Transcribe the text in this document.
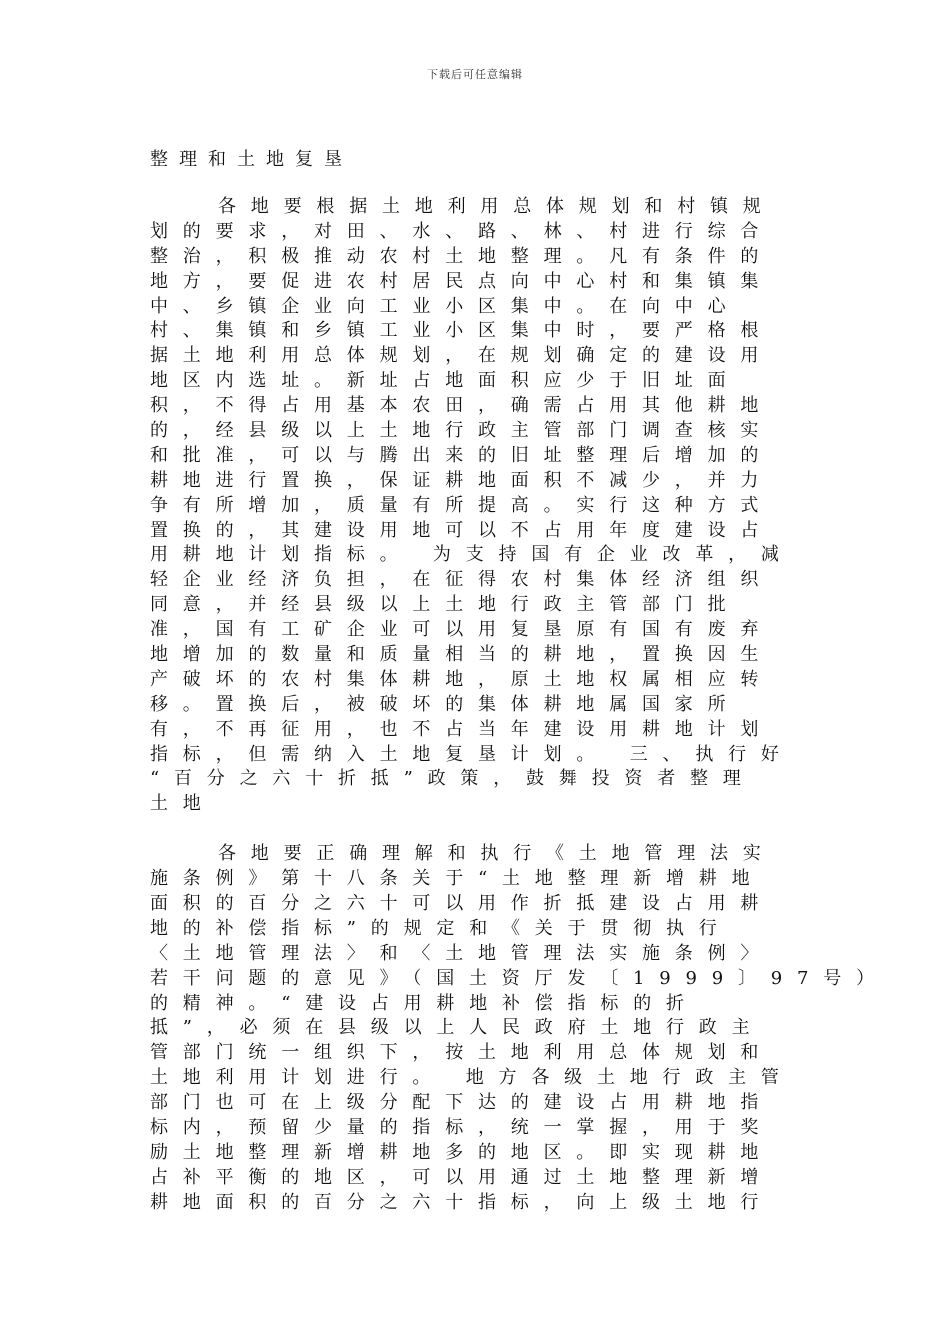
下载后可任意编辑
整理和土地复垦
各地要根据土地利用总体规划和村镇规
划的要求，对田、水、路、林、村进行综合
整治，积极推动农村土地整理。凡有条件的
地方，要促进农村居民点向中心村和集镇集
中、乡镇企业向工业小区集中。在向中心
村、集镇和乡镇工业小区集中时，要严格根
据土地利用总体规划，在规划确定的建设用
地区内选址。新址占地面积应少于旧址面
积，不得占用基本农田，确需占用其他耕地
的，经县级以上土地行政主管部门调查核实
和批准，可以与腾出来的旧址整理后增加的
耕地进行置换，保证耕地面积不减少，并力
争有所增加，质量有所提高。实行这种方式
置换的，其建设用地可以不占用年度建设占
用耕地计划指标。 为支持国有企业改革，减
轻企业经济负担，在征得农村集体经济组织
同意，并经县级以上土地行政主管部门批
准，国有工矿企业可以用复垦原有国有废弃
地增加的数量和质量相当的耕地，置换因生
产破坏的农村集体耕地，原土地权属相应转
移。置换后，被破坏的集体耕地属国家所
有，不再征用，也不占当年建设用耕地计划
指标，但需纳入土地复垦计划。 三、执行好
“百分之六十折抵”政策，鼓舞投资者整理
土地
各地要正确理解和执行《土地管理法实
施条例》第十八条关于“土地整理新增耕地
面积的百分之六十可以用作折抵建设占用耕
地的补偿指标”的规定和《关于贯彻执行
〈土地管理法〉和〈土地管理法实施条例〉
若干问题的意见》（国土资厅发〔1999〕97号）
的精神。“建设占用耕地补偿指标的折
抵”，必须在县级以上人民政府土地行政主
管部门统一组织下，按土地利用总体规划和
土地利用计划进行。 地方各级土地行政主管
部门也可在上级分配下达的建设占用耕地指
标内，预留少量的指标，统一掌握，用于奖
励土地整理新增耕地多的地区。即实现耕地
占补平衡的地区，可以用通过土地整理新增
耕地面积的百分之六十指标，向上级土地行
